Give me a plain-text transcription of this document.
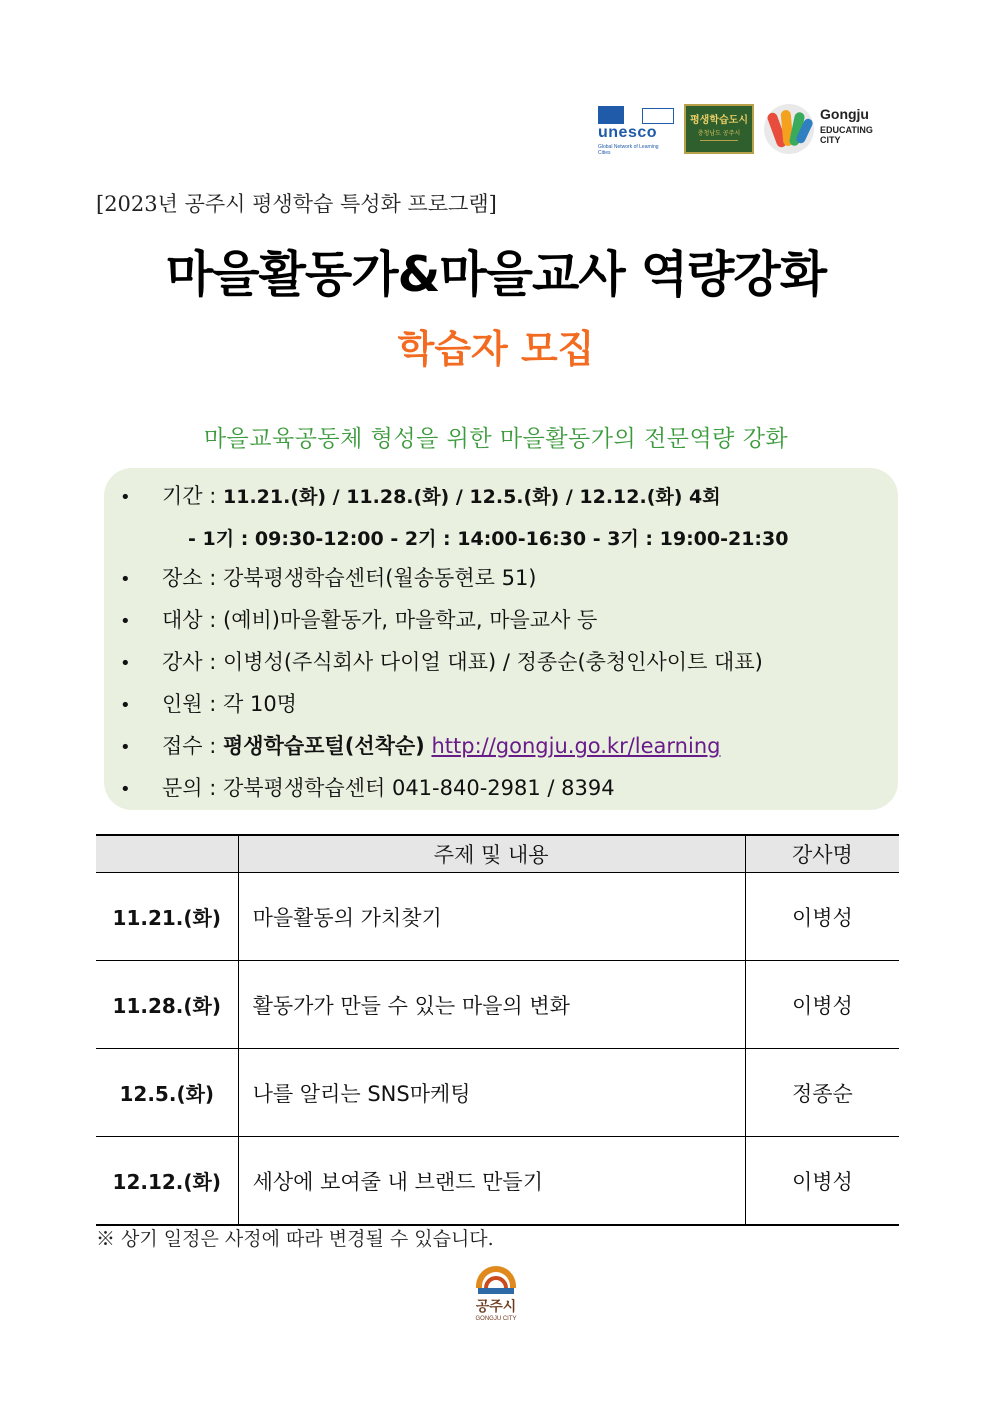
unesco
Global Network of Learning Cities
평생학습도시
충청남도 공주시
Gongju
EDUCATING
CITY
[2023년 공주시 평생학습 특성화 프로그램]
마을활동가&마을교사 역량강화
학습자 모집
마을교육공동체 형성을 위한 마을활동가의 전문역량 강화
• 기간 : 11.21.(화) / 11.28.(화) / 12.5.(화) / 12.12.(화) 4회
- 1기 : 09:30-12:00 - 2기 : 14:00-16:30 - 3기 : 19:00-21:30
• 장소 : 강북평생학습센터(월송동현로 51)
• 대상 : (예비)마을활동가, 마을학교, 마을교사 등
• 강사 : 이병성(주식회사 다이얼 대표) / 정종순(충청인사이트 대표)
• 인원 : 각 10명
• 접수 : 평생학습포털(선착순) http://gongju.go.kr/learning
• 문의 : 강북평생학습센터 041-840-2981 / 8394
	주제 및 내용	강사명
11.21.(화)	마을활동의 가치찾기	이병성
11.28.(화)	활동가가 만들 수 있는 마을의 변화	이병성
12.5.(화)	나를 알리는 SNS마케팅	정종순
12.12.(화)	세상에 보여줄 내 브랜드 만들기	이병성
※ 상기 일정은 사정에 따라 변경될 수 있습니다.
공주시
GONGJU CITY
